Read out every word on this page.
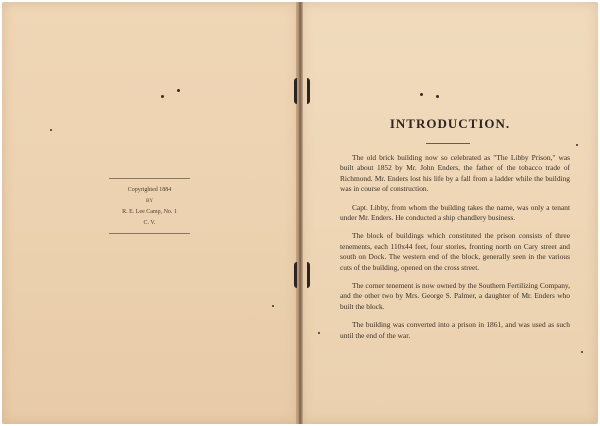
Copyrighted 1884
BY
R. E. Lee Camp, No. 1
C. V.
INTRODUCTION.

The old brick building now so celebrated as "The Libby Prison," was built about 1852 by Mr. John Enders, the father of the tobacco trade of Richmond. Mr. Enders lost his life by a fall from a ladder while the building was in course of construction.

Capt. Libby, from whom the building takes the name, was only a tenant under Mr. Enders. He conducted a ship chandlery business.

The block of buildings which constituted the prison consists of three tenements, each 110x44 feet, four stories, fronting north on Cary street and south on Dock. The western end of the block, generally seen in the various cuts of the building, opened on the cross street.

The corner tenement is now owned by the Southern Fertilizing Company, and the other two by Mrs. George S. Palmer, a daughter of Mr. Enders who built the block.

The building was converted into a prison in 1861, and was used as such until the end of the war.
